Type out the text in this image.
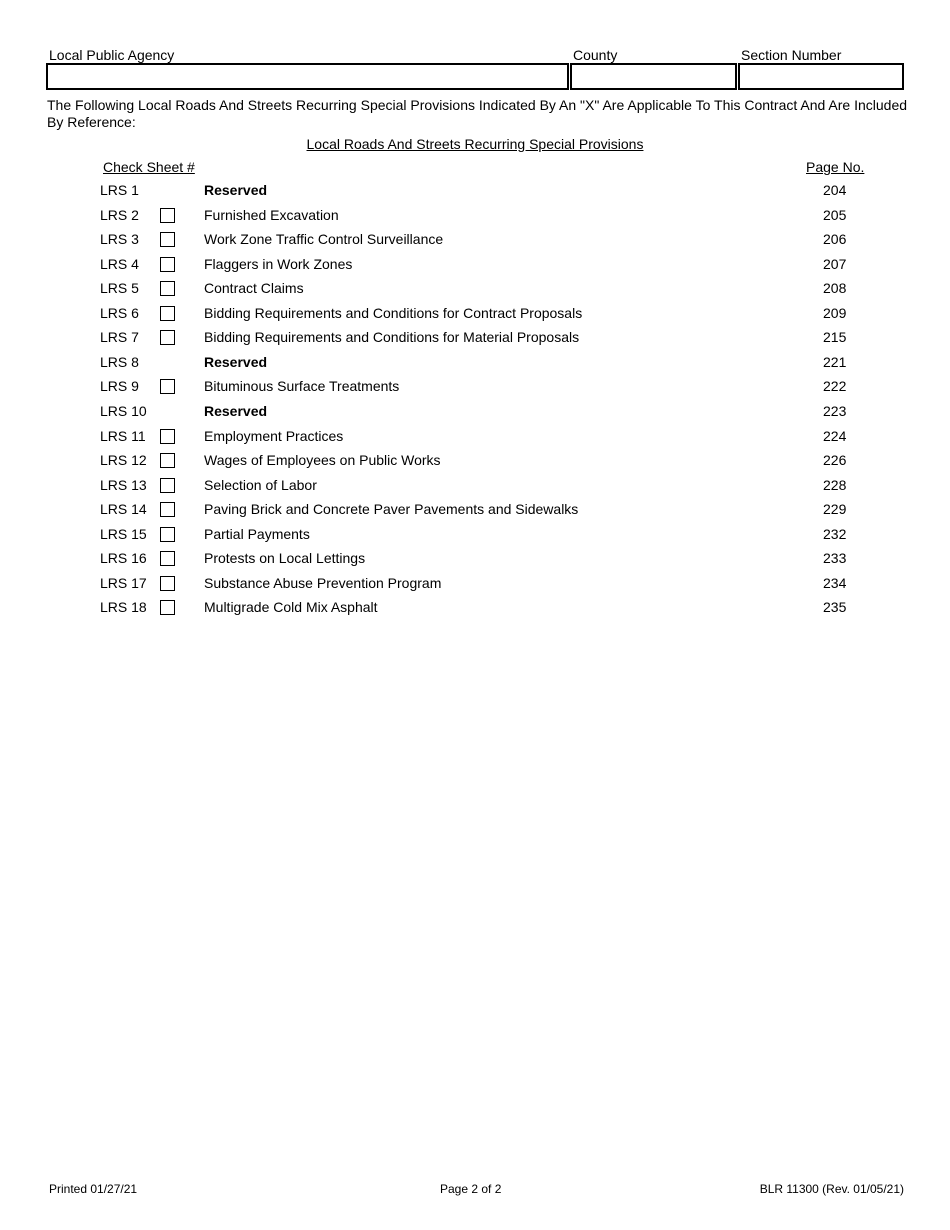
Local Public Agency	County	Section Number
The Following Local Roads And Streets Recurring Special Provisions Indicated By An "X" Are Applicable To This Contract And Are Included By Reference:
Local Roads And Streets Recurring Special Provisions
Check Sheet #	Page No.
LRS 1	Reserved	204
LRS 2	Furnished Excavation	205
LRS 3	Work Zone Traffic Control Surveillance	206
LRS 4	Flaggers in Work Zones	207
LRS 5	Contract Claims	208
LRS 6	Bidding Requirements and Conditions for Contract Proposals	209
LRS 7	Bidding Requirements and Conditions for Material Proposals	215
LRS 8	Reserved	221
LRS 9	Bituminous Surface Treatments	222
LRS 10	Reserved	223
LRS 11	Employment Practices	224
LRS 12	Wages of Employees on Public Works	226
LRS 13	Selection of Labor	228
LRS 14	Paving Brick and Concrete Paver Pavements and Sidewalks	229
LRS 15	Partial Payments	232
LRS 16	Protests on Local Lettings	233
LRS 17	Substance Abuse Prevention Program	234
LRS 18	Multigrade Cold Mix Asphalt	235
Printed 01/27/21	Page 2 of 2	BLR 11300 (Rev. 01/05/21)
